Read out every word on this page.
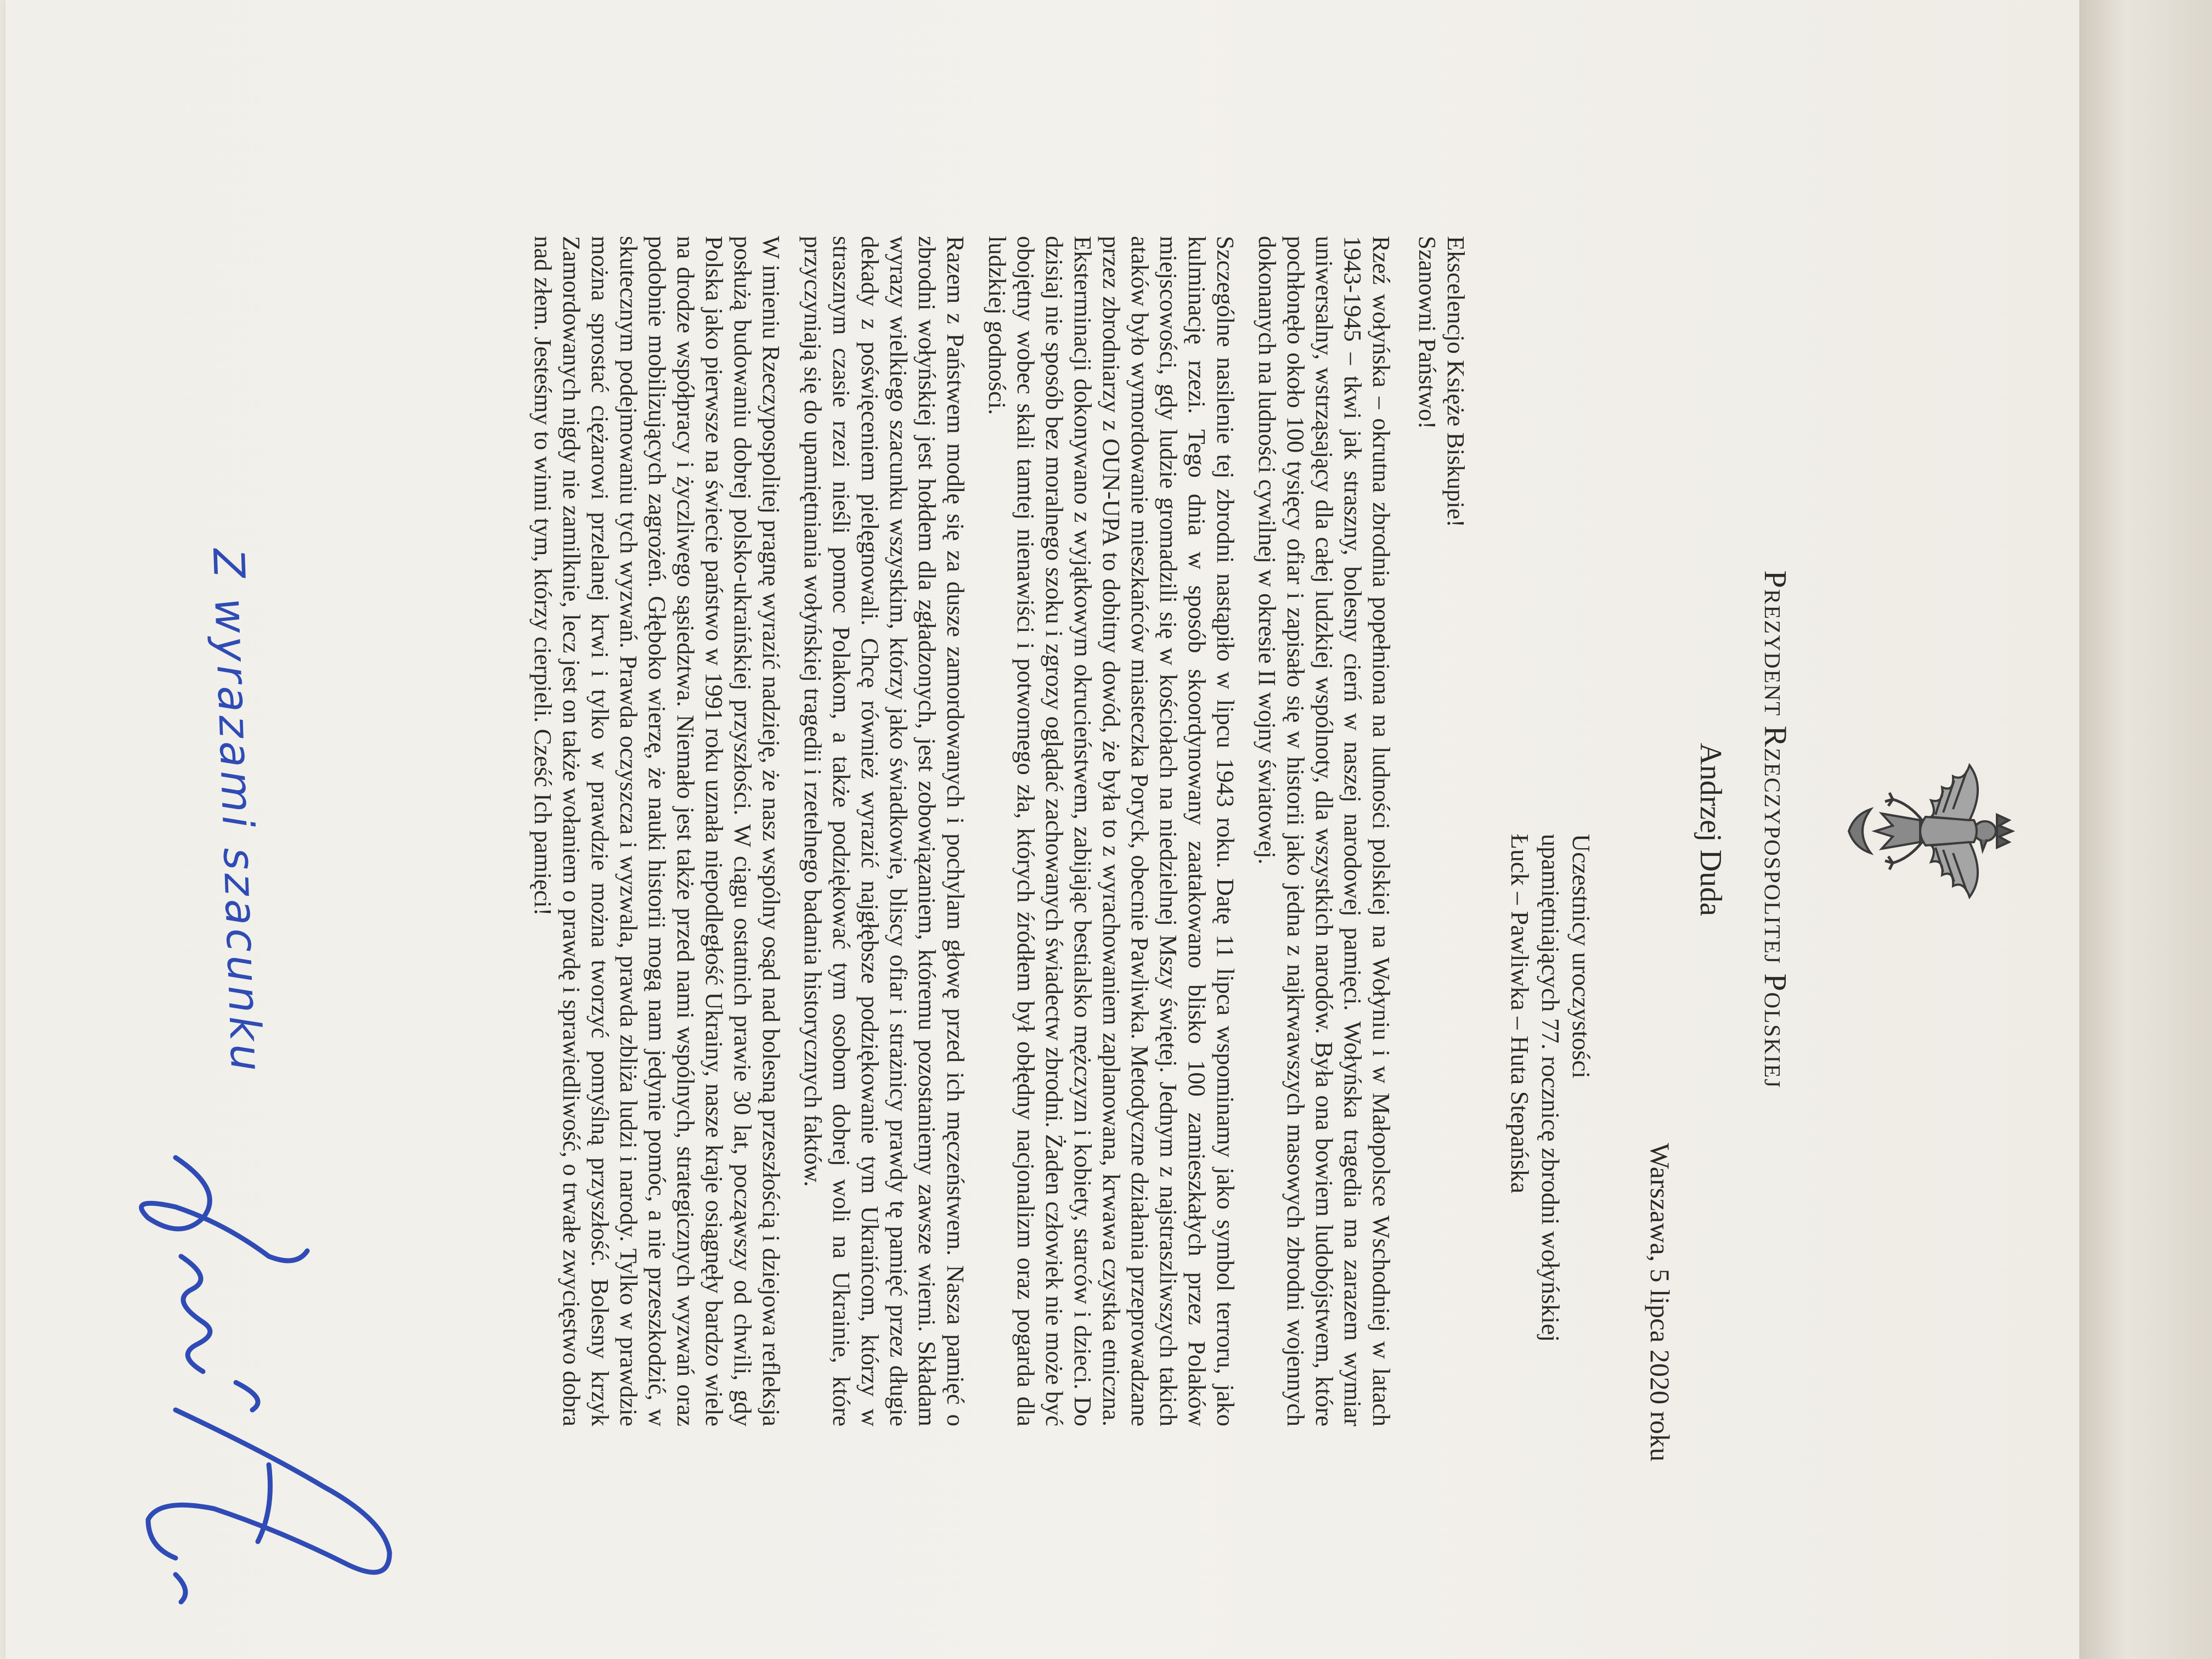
Prezydent Rzeczypospolitej Polskiej
Andrzej Duda
Warszawa, 5 lipca 2020 roku
Uczestnicy uroczystości
upamiętniających 77. rocznicę zbrodni wołyńskiej
Łuck – Pawliwka – Huta Stepańska
Ekscelencjo Księże Biskupie!
Szanowni Państwo!

Rzeź wołyńska – okrutna zbrodnia popełniona na ludności polskiej na Wołyniu i w Małopolsce Wschodniej w latach 1943-1945 – tkwi jak straszny, bolesny cierń w naszej narodowej pamięci. Wołyńska tragedia ma zarazem wymiar uniwersalny, wstrząsający dla całej ludzkiej wspólnoty, dla wszystkich narodów. Była ona bowiem ludobójstwem, które pochłonęło około 100 tysięcy ofiar i zapisało się w historii jako jedna z najkrwawszych masowych zbrodni wojennych dokonanych na ludności cywilnej w okresie II wojny światowej.

Szczególne nasilenie tej zbrodni nastąpiło w lipcu 1943 roku. Datę 11 lipca wspominamy jako symbol terroru, jako kulminację rzezi. Tego dnia w sposób skoordynowany zaatakowano blisko 100 zamieszkałych przez Polaków miejscowości, gdy ludzie gromadzili się w kościołach na niedzielnej Mszy świętej. Jednym z najstraszliwszych takich ataków było wymordowanie mieszkańców miasteczka Poryck, obecnie Pawliwka. Metodyczne działania przeprowadzane przez zbrodniarzy z OUN-UPA to dobitny dowód, że była to z wyrachowaniem zaplanowana, krwawa czystka etniczna. Eksterminacji dokonywano z wyjątkowym okrucieństwem, zabijając bestialsko mężczyzn i kobiety, starców i dzieci. Do dzisiaj nie sposób bez moralnego szoku i zgrozy oglądać zachowanych świadectw zbrodni. Żaden człowiek nie może być obojętny wobec skali tamtej nienawiści i potwornego zła, których źródłem był obłędny nacjonalizm oraz pogarda dla ludzkiej godności.

Razem z Państwem modlę się za dusze zamordowanych i pochylam głowę przed ich męczeństwem. Nasza pamięć o zbrodni wołyńskiej jest hołdem dla zgładzonych, jest zobowiązaniem, któremu pozostaniemy zawsze wierni. Składam wyrazy wielkiego szacunku wszystkim, którzy jako świadkowie, bliscy ofiar i strażnicy prawdy tę pamięć przez długie dekady z poświęceniem pielęgnowali. Chcę również wyrazić najgłębsze podziękowanie tym Ukraińcom, którzy w strasznym czasie rzezi nieśli pomoc Polakom, a także podziękować tym osobom dobrej woli na Ukrainie, które przyczyniają się do upamiętniania wołyńskiej tragedii i rzetelnego badania historycznych faktów.

W imieniu Rzeczypospolitej pragnę wyrazić nadzieję, że nasz wspólny osąd nad bolesną przeszłością i dziejowa refleksja posłużą budowaniu dobrej polsko-ukraińskiej przyszłości. W ciągu ostatnich prawie 30 lat, począwszy od chwili, gdy Polska jako pierwsze na świecie państwo w 1991 roku uznała niepodległość Ukrainy, nasze kraje osiągnęły bardzo wiele na drodze współpracy i życzliwego sąsiedztwa. Niemało jest także przed nami wspólnych, strategicznych wyzwań oraz podobnie mobilizujących zagrożeń. Głęboko wierzę, że nauki historii mogą nam jedynie pomóc, a nie przeszkodzić, w skutecznym podejmowaniu tych wyzwań. Prawda oczyszcza i wyzwala, prawda zbliża ludzi i narody. Tylko w prawdzie można sprostać ciężarowi przelanej krwi i tylko w prawdzie można tworzyć pomyślną przyszłość. Bolesny krzyk Zamordowanych nigdy nie zamilknie, lecz jest on także wołaniem o prawdę i sprawiedliwość, o trwałe zwycięstwo dobra nad złem. Jesteśmy to winni tym, którzy cierpieli. Cześć Ich pamięci!

Z wyrazami szacunku
